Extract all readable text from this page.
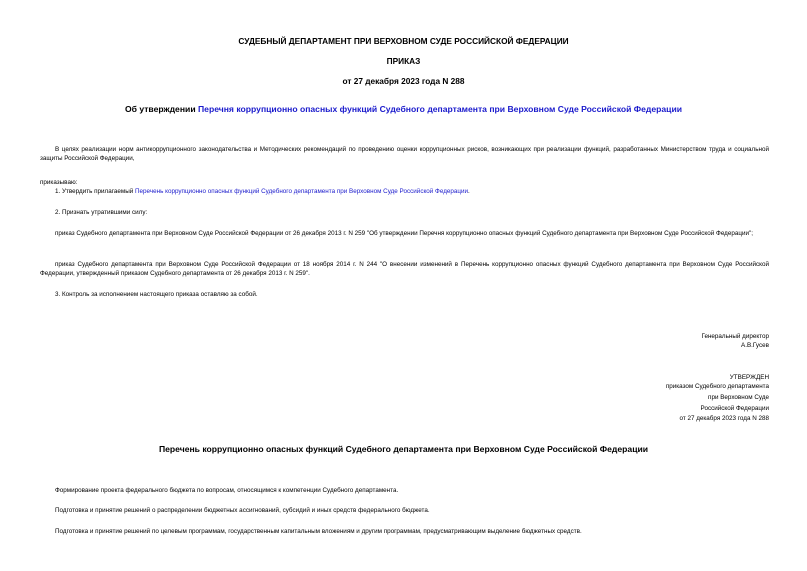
СУДЕБНЫЙ ДЕПАРТАМЕНТ ПРИ ВЕРХОВНОМ СУДЕ РОССИЙСКОЙ ФЕДЕРАЦИИ
ПРИКАЗ
от 27 декабря 2023 года N 288
Об утверждении Перечня коррупционно опасных функций Судебного департамента при Верховном Суде Российской Федерации
В целях реализации норм антикоррупционного законодательства и Методических рекомендаций по проведению оценки коррупционных рисков, возникающих при реализации функций, разработанных Министерством труда и социальной защиты Российской Федерации,
приказываю:
1. Утвердить прилагаемый Перечень коррупционно опасных функций Судебного департамента при Верховном Суде Российской Федерации.
2. Признать утратившими силу:
приказ Судебного департамента при Верховном Суде Российской Федерации от 26 декабря 2013 г. N 259 "Об утверждении Перечня коррупционно опасных функций Судебного департамента при Верховном Суде Российской Федерации";
приказ Судебного департамента при Верховном Суде Российской Федерации от 18 ноября 2014 г. N 244 "О внесении изменений в Перечень коррупционно опасных функций Судебного департамента при Верховном Суде Российской Федерации, утвержденный приказом Судебного департамента от 26 декабря 2013 г. N 259".
3. Контроль за исполнением настоящего приказа оставляю за собой.
Генеральный директор
А.В.Гусев
УТВЕРЖДЕН
приказом Судебного департамента
при Верховном Суде
Российской Федерации
от 27 декабря 2023 года N 288
Перечень коррупционно опасных функций Судебного департамента при Верховном Суде Российской Федерации
Формирование проекта федерального бюджета по вопросам, относящимся к компетенции Судебного департамента.
Подготовка и принятие решений о распределении бюджетных ассигнований, субсидий и иных средств федерального бюджета.
Подготовка и принятие решений по целевым программам, государственным капитальным вложениям и другим программам, предусматривающим выделение бюджетных средств.
